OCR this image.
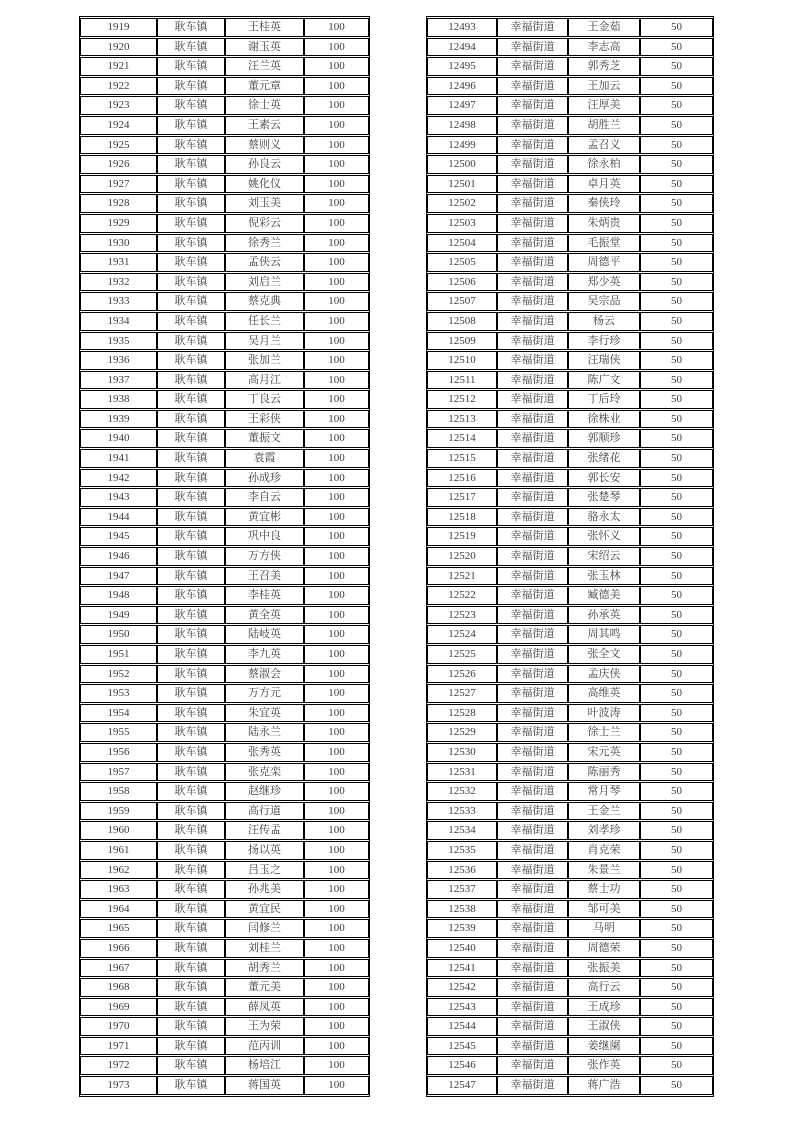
1919	耿车镇	王桂英	100
1920	耿车镇	谢玉英	100
1921	耿车镇	汪兰英	100
1922	耿车镇	董元章	100
1923	耿车镇	徐士英	100
1924	耿车镇	王素云	100
1925	耿车镇	蔡则义	100
1926	耿车镇	孙良云	100
1927	耿车镇	姚化仪	100
1928	耿车镇	刘玉美	100
1929	耿车镇	倪彩云	100
1930	耿车镇	徐秀兰	100
1931	耿车镇	孟侠云	100
1932	耿车镇	刘启兰	100
1933	耿车镇	蔡克典	100
1934	耿车镇	任长兰	100
1935	耿车镇	吴月兰	100
1936	耿车镇	张加兰	100
1937	耿车镇	高月江	100
1938	耿车镇	丁良云	100
1939	耿车镇	王彩侠	100
1940	耿车镇	董振文	100
1941	耿车镇	袁霞	100
1942	耿车镇	孙成珍	100
1943	耿车镇	李自云	100
1944	耿车镇	黄宜彬	100
1945	耿车镇	巩中良	100
1946	耿车镇	万方侠	100
1947	耿车镇	王召美	100
1948	耿车镇	李桂英	100
1949	耿车镇	黄全英	100
1950	耿车镇	陆岐英	100
1951	耿车镇	李九英	100
1952	耿车镇	蔡淑会	100
1953	耿车镇	万方元	100
1954	耿车镇	朱宜英	100
1955	耿车镇	陆永兰	100
1956	耿车镇	张秀英	100
1957	耿车镇	张克栾	100
1958	耿车镇	赵继珍	100
1959	耿车镇	高行道	100
1960	耿车镇	汪传孟	100
1961	耿车镇	扬以英	100
1962	耿车镇	吕玉之	100
1963	耿车镇	孙兆美	100
1964	耿车镇	黄宜民	100
1965	耿车镇	闫修兰	100
1966	耿车镇	刘桂兰	100
1967	耿车镇	胡秀兰	100
1968	耿车镇	董元美	100
1969	耿车镇	薛凤英	100
1970	耿车镇	王为荣	100
1971	耿车镇	范丙训	100
1972	耿车镇	杨培江	100
1973	耿车镇	蒋国英	100
12493	幸福街道	王金茹	50
12494	幸福街道	李志高	50
12495	幸福街道	郭秀芝	50
12496	幸福街道	王加云	50
12497	幸福街道	汪厚美	50
12498	幸福街道	胡胜兰	50
12499	幸福街道	孟召义	50
12500	幸福街道	徐永柏	50
12501	幸福街道	卓月英	50
12502	幸福街道	秦侠玲	50
12503	幸福街道	朱炳贵	50
12504	幸福街道	毛振堂	50
12505	幸福街道	周德平	50
12506	幸福街道	郑少英	50
12507	幸福街道	吴宗品	50
12508	幸福街道	杨云	50
12509	幸福街道	李行珍	50
12510	幸福街道	汪瑞侠	50
12511	幸福街道	陈广文	50
12512	幸福街道	丁后玲	50
12513	幸福街道	徐株业	50
12514	幸福街道	郭顺珍	50
12515	幸福街道	张绪花	50
12516	幸福街道	郭长安	50
12517	幸福街道	张楚琴	50
12518	幸福街道	骆永太	50
12519	幸福街道	张怀义	50
12520	幸福街道	宋绍云	50
12521	幸福街道	张玉林	50
12522	幸福街道	臧德美	50
12523	幸福街道	孙承英	50
12524	幸福街道	周其鸣	50
12525	幸福街道	张全文	50
12526	幸福街道	孟庆侠	50
12527	幸福街道	高维英	50
12528	幸福街道	叶波涛	50
12529	幸福街道	徐士兰	50
12530	幸福街道	宋元英	50
12531	幸福街道	陈丽秀	50
12532	幸福街道	常月琴	50
12533	幸福街道	王金兰	50
12534	幸福街道	刘孝珍	50
12535	幸福街道	肖克荣	50
12536	幸福街道	朱景兰	50
12537	幸福街道	蔡士功	50
12538	幸福街道	邹可美	50
12539	幸福街道	马明	50
12540	幸福街道	周德荣	50
12541	幸福街道	张振美	50
12542	幸福街道	高行云	50
12543	幸福街道	王成珍	50
12544	幸福街道	王淑侠	50
12545	幸福街道	姜继阑	50
12546	幸福街道	张作英	50
12547	幸福街道	蒋广浩	50
